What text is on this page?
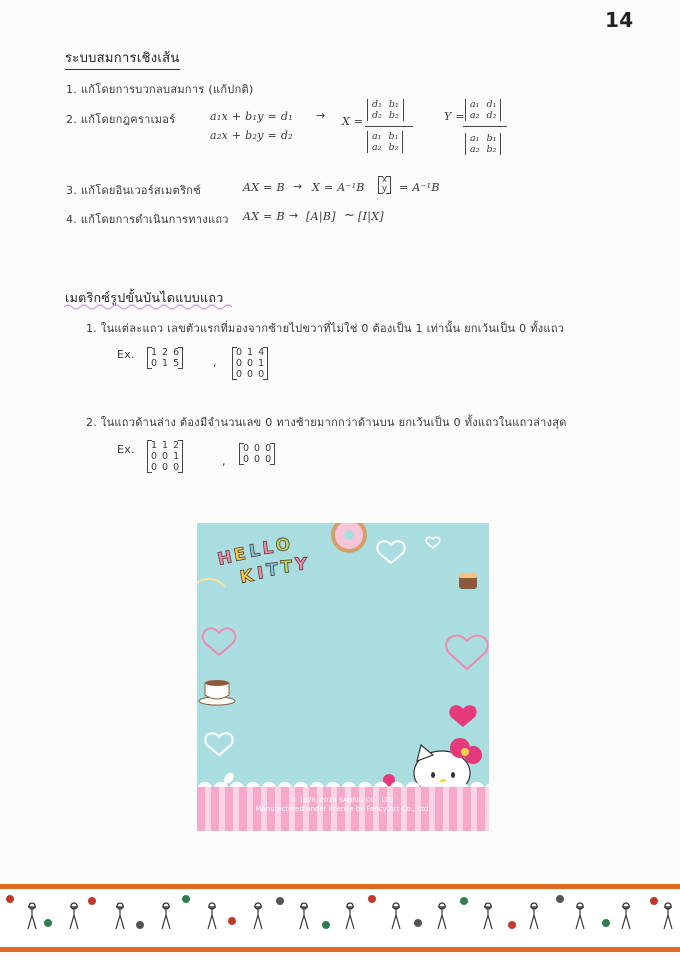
14
ระบบสมการเชิงเส้น
1. แก้โดยการบวกลบสมการ (แก้ปกติ)
2. แก้โดยกฎคราเมอร์	a₁x + b₁y = d₁
a₂x + b₂y = d₂
→ X =
d₁ b₁
d₂ b₂
a₁ b₁
a₂ b₂
Y =
a₁ d₁
a₂ d₂
a₁ b₁
a₂ b₂
3. แก้โดยอินเวอร์สเมตริกซ์	AX = B → X = A⁻¹B
x
y = A⁻¹B
4. แก้โดยการดำเนินการทางแถว AX = B → [A|B] ∼ [I|X]
เมตริกซ์รูปขั้นบันไดแบบแถว
1. ในแต่ละแถว เลขตัวแรกที่มองจากซ้ายไปขวาที่ไม่ใช่ 0 ต้องเป็น 1 เท่านั้น ยกเว้นเป็น 0 ทั้งแถว
Ex. 1 2 6
0 1 5	,
0 1 4
0 0 1
0 0 0
2. ในแถวด้านล่าง ต้องมีจำนวนเลข 0 ทางซ้ายมากกว่าด้านบน ยกเว้นเป็น 0 ทั้งแถวในแถวล่างสุด
Ex. 1 1 2
0 0 1
0 0 0	,
0 0 0
0 0 0
H
E L L O
K I T T Y
© 1976, 2018 SANRIO CO., LTD.
Manufactured under licence by Fancy Art Co., Ltd.
